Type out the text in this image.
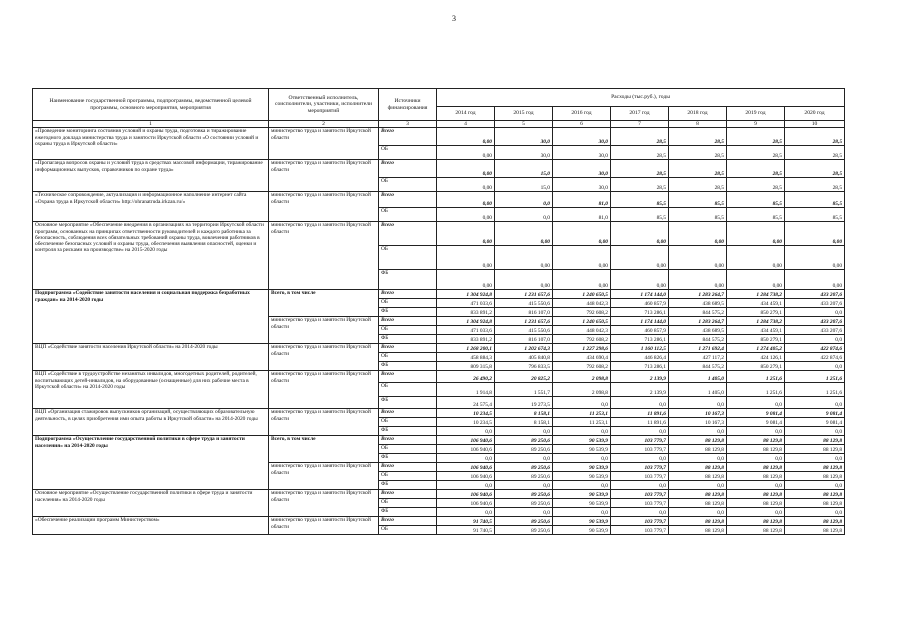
3
Наименование государственной программы, подпрограммы, ведомственной целевой программы, основного мероприятия, мероприятия	Ответственный исполнитель, соисполнители, участники, исполнители мероприятий	Источники финансирования	Расходы (тыс.руб.), годы						
			2014 год	2015 год	2016 год	2017 год	2018 год	2019 год	2020 год
1	2	3	4	5	6	7	8	9	10
«Проведение мониторинга состояния условий и охраны труда, подготовка и тиражирование ежегодного доклада министерства труда и занятости Иркутской области «О состоянии условий и охраны труда в Иркутской области»	министерство труда и занятости Иркутской области	Всего	0,00	30,0	30,0	28,5	28,5	28,5	28,5
		ОБ	0,00	30,0	30,0	28,5	28,5	28,5	28,5
«Пропаганда вопросов охраны и условий труда в средствах массовой информации, тиражирование информационных выпусков, справочников по охране труда»	министерство труда и занятости Иркутской области	Всего	0,00	15,0	30,0	28,5	28,5	28,5	28,5
		ОБ	0,00	15,0	30,0	28,5	28,5	28,5	28,5
«Техническое сопровождение, актуализация и информационное наполнение интернет сайта «Охрана труда в Иркутской области» http://ohranatruda.irkzan.ru/»	министерство труда и занятости Иркутской области	Всего	0,00	0,0	81,0	85,5	85,5	85,5	85,5
		ОБ	0,00	0,0	81,0	85,5	85,5	85,5	85,5
Основное мероприятие «Обеспечение внедрения в организациях на территории Иркутской области программ, основанных на принципах ответственности руководителей и каждого работника за безопасность, соблюдения всех обязательных требований охраны труда, вовлечения работников в обеспечение безопасных условий и охраны труда, обеспечения выявления опасностей, оценки и контроля за рисками на производстве» на 2015-2020 годы	министерство труда и занятости Иркутской области	Всего	0,00	0,00	0,00	0,00	0,00	0,00	0,00
		ОБ	0,00	0,00	0,00	0,00	0,00	0,00	0,00
		ФБ	0,00	0,00	0,00	0,00	0,00	0,00	0,00
Подпрограмма «Содействие занятости населения и социальная поддержка безработных граждан» на 2014-2020 годы	Всего, в том числе	Всего	1 304 924,8	1 231 657,6	1 240 650,5	1 174 144,0	1 283 264,7	1 284 738,2	433 207,6
		ОБ	471 033,6	415 550,6	448 042,3	460 857,9	438 689,5	434 459,1	433 207,6
		ФБ	833 891,2	816 107,0	792 608,2	713 286,1	844 575,2	850 279,1	0,0
	министерство труда и занятости Иркутской области	Всего	1 304 924,8	1 231 657,6	1 240 650,5	1 174 144,0	1 283 264,7	1 284 738,2	433 207,6
		ОБ	471 033,6	415 550,6	448 042,3	460 857,9	438 689,5	434 459,1	433 207,6
		ФБ	833 891,2	816 107,0	792 608,2	713 286,1	844 575,2	850 279,1	0,0
ВЦП «Содействие занятости населения Иркутской области» на 2014-2020 годы	министерство труда и занятости Иркутской области	Всего	1 268 200,1	1 202 674,3	1 227 298,6	1 160 112,5	1 271 692,4	1 274 405,2	422 874,6
		ОБ	458 884,3	405 840,8	434 690,4	446 826,4	427 117,2	424 126,1	422 874,6
		ФБ	809 315,8	796 833,5	792 608,2	713 286,1	844 575,2	850 279,1	0,0
ВЦП «Содействие в трудоустройстве незанятых инвалидов, многодетных родителей, родителей, воспитывающих детей-инвалидов, на оборудованные (оснащенные) для них рабочие места в Иркутской области» на 2014-2020 годы	министерство труда и занятости Иркутской области	Всего	26 490,2	20 825,2	2 098,8	2 139,9	1 405,0	1 251,6	1 251,6
		ОБ	1 914,8	1 551,7	2 098,8	2 139,9	1 405,0	1 251,6	1 251,6
		ФБ	24 575,4	19 273,5	0,0	0,0	0,0	0,0	0,0
ВЦП «Организация стажировок выпускников организаций, осуществляющих образовательную деятельность, в целях приобретения ими опыта работы в Иркутской области» на 2014-2020 годы	министерство труда и занятости Иркутской области	Всего	10 234,5	8 158,1	11 253,1	11 891,6	10 167,3	9 081,4	9 081,4
		ОБ	10 234,5	8 158,1	11 253,1	11 891,6	10 167,3	9 081,4	9 081,4
		ФБ	0,0	0,0	0,0	0,0	0,0	0,0	0,0
Подпрограмма «Осуществление государственной политики в сфере труда и занятости населения» на 2014-2020 годы	Всего, в том числе	Всего	106 940,6	89 250,6	90 539,9	103 779,7	88 129,8	88 129,8	88 129,8
		ОБ	106 940,6	89 250,6	90 539,9	103 779,7	88 129,8	88 129,8	88 129,8
		ФБ	0,0	0,0	0,0	0,0	0,0	0,0	0,0
	министерство труда и занятости Иркутской области	Всего	106 940,6	89 250,6	90 539,9	103 779,7	88 129,8	88 129,8	88 129,8
		ОБ	106 940,6	89 250,6	90 539,9	103 779,7	88 129,8	88 129,8	88 129,8
		ФБ	0,0	0,0	0,0	0,0	0,0	0,0	0,0
Основное мероприятие «Осуществление государственной политики в сфере труда и занятости населения» на 2014-2020 годы	министерство труда и занятости Иркутской области	Всего	106 940,6	89 250,6	90 539,9	103 779,7	88 129,8	88 129,8	88 129,8
		ОБ	106 940,6	89 250,6	90 539,9	103 779,7	88 129,8	88 129,8	88 129,8
		ФБ	0,0	0,0	0,0	0,0	0,0	0,0	0,0
«Обеспечение реализации программ Министерством»	министерство труда и занятости Иркутской области	Всего	91 740,5	89 250,6	90 539,9	103 779,7	88 129,8	88 129,8	88 129,8
		ОБ	91 740,5	89 250,6	90 539,9	103 779,7	88 129,8	88 129,8	88 129,8
